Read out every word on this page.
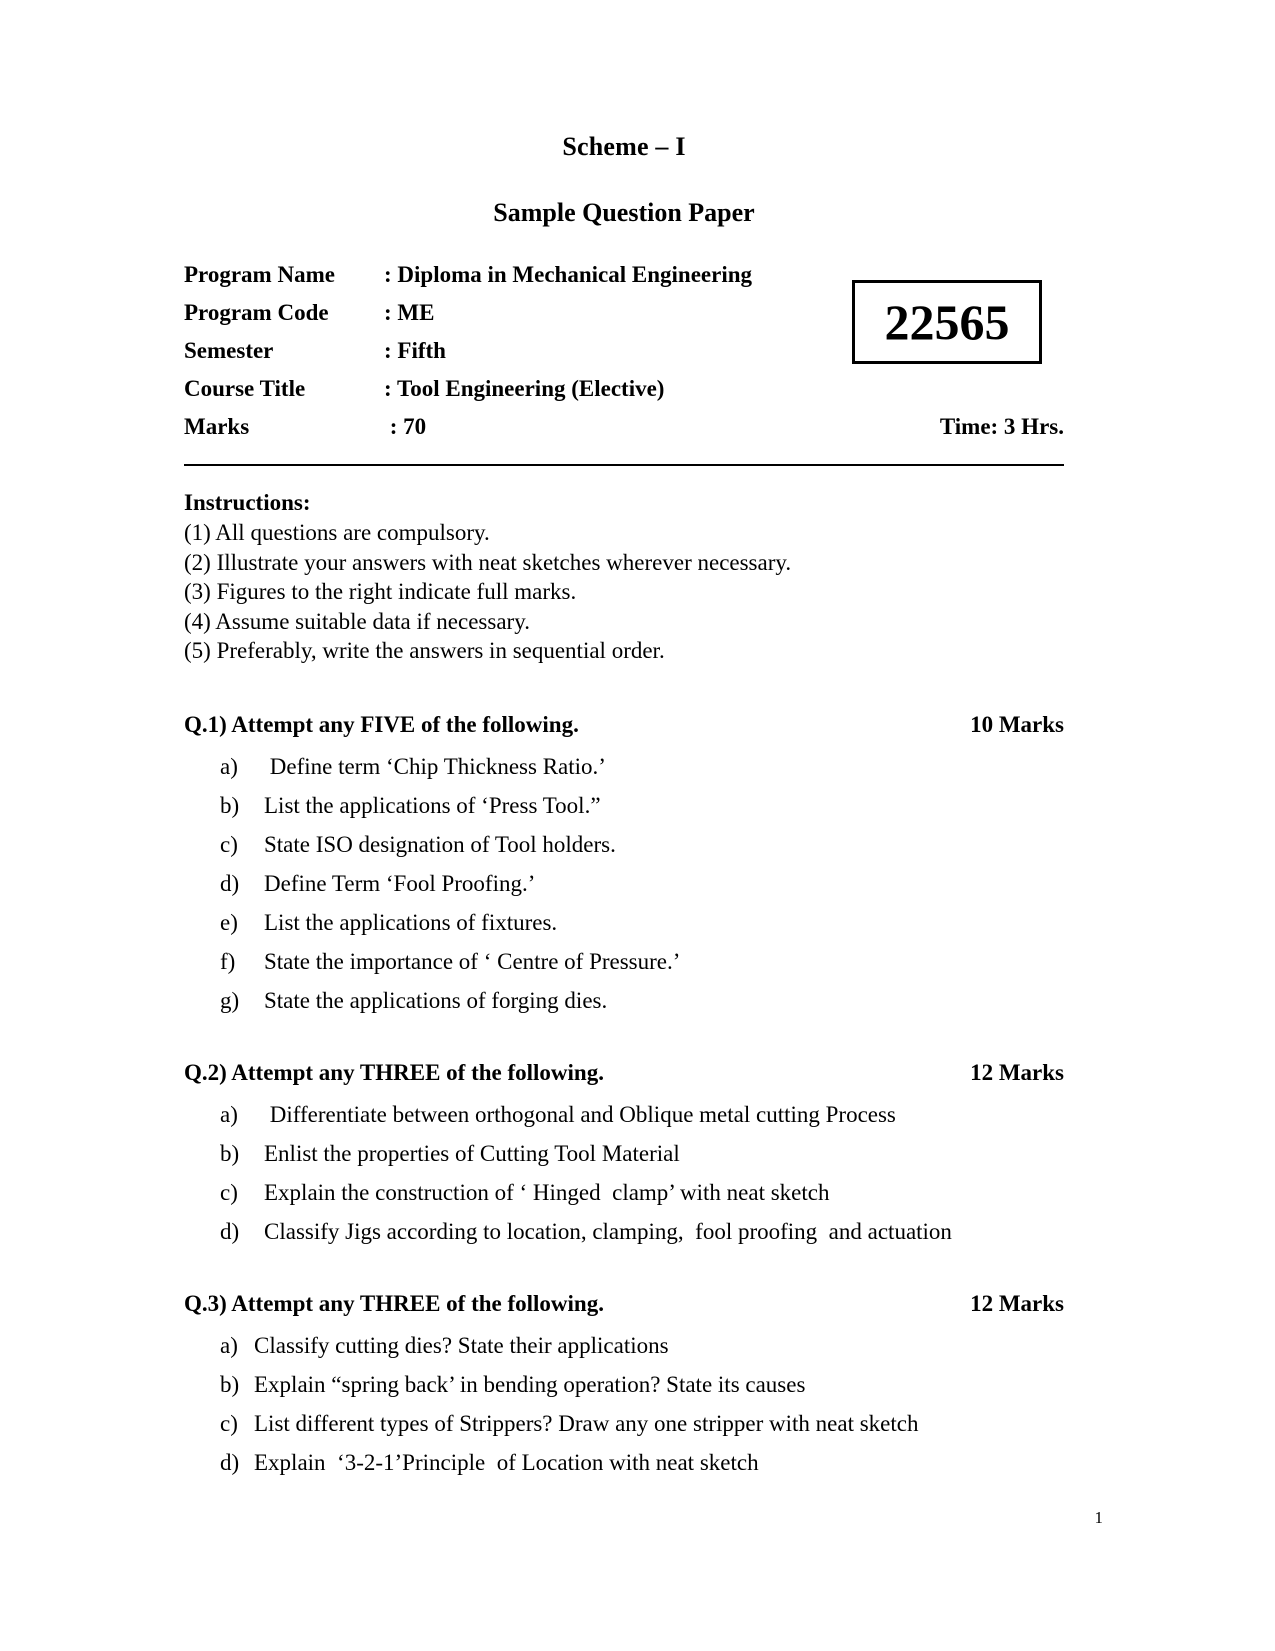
Scheme – I
Sample Question Paper
Program Name	: Diploma in Mechanical Engineering
Program Code	: ME
Semester	: Fifth
Course Title	: Tool Engineering (Elective)
Marks	: 70	Time: 3 Hrs.
22565
Instructions:
(1) All questions are compulsory.
(2) Illustrate your answers with neat sketches wherever necessary.
(3) Figures to the right indicate full marks.
(4) Assume suitable data if necessary.
(5) Preferably, write the answers in sequential order.
Q.1) Attempt any FIVE of the following.	10 Marks
a)	Define term ‘Chip Thickness Ratio.’
b)	List the applications of ‘Press Tool.”
c)	State ISO designation of Tool holders.
d)	Define Term ‘Fool Proofing.’
e)	List the applications of fixtures.
f)	State the importance of ‘ Centre of Pressure.’
g)	State the applications of forging dies.
Q.2) Attempt any THREE of the following.	12 Marks
a)	Differentiate between orthogonal and Oblique metal cutting Process
b)	Enlist the properties of Cutting Tool Material
c)	Explain the construction of ‘ Hinged  clamp’ with neat sketch
d)	Classify Jigs according to location, clamping,  fool proofing  and actuation
Q.3) Attempt any THREE of the following.	12 Marks
a) Classify cutting dies? State their applications
b) Explain “spring back’ in bending operation? State its causes
c) List different types of Strippers? Draw any one stripper with neat sketch
d) Explain  ‘3-2-1’Principle  of Location with neat sketch
1
